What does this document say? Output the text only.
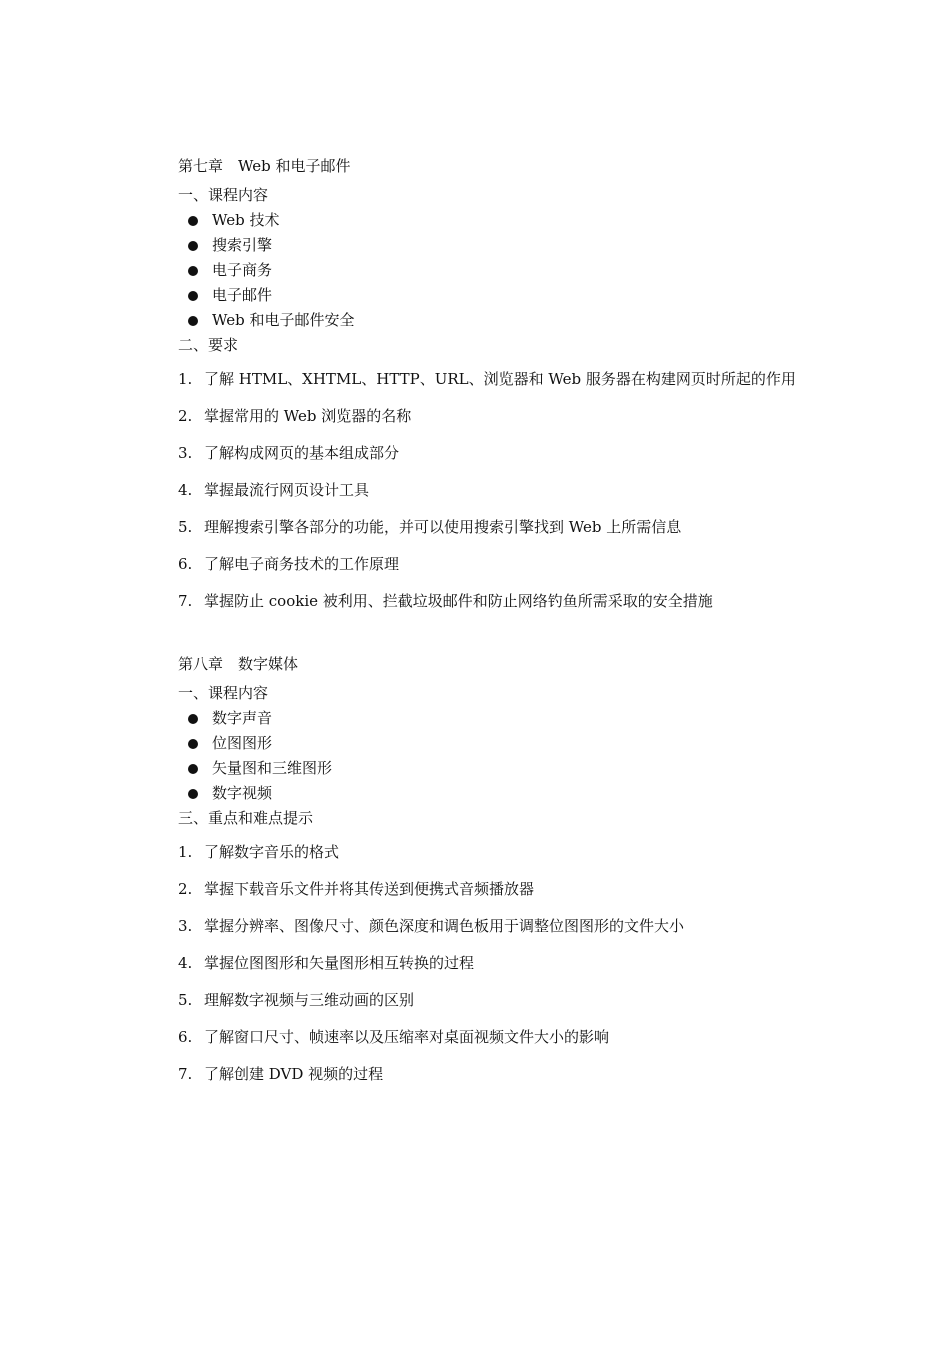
第七章　Web 和电子邮件
一、课程内容
Web 技术
搜索引擎
电子商务
电子邮件
Web 和电子邮件安全
二、要求
1. 了解 HTML、XHTML、HTTP、URL、浏览器和 Web 服务器在构建网页时所起的作用
2. 掌握常用的 Web 浏览器的名称
3. 了解构成网页的基本组成部分
4. 掌握最流行网页设计工具
5. 理解搜索引擎各部分的功能，并可以使用搜索引擎找到 Web 上所需信息
6. 了解电子商务技术的工作原理
7. 掌握防止 cookie 被利用、拦截垃圾邮件和防止网络钓鱼所需采取的安全措施
第八章　数字媒体
一、课程内容
数字声音
位图图形
矢量图和三维图形
数字视频
三、重点和难点提示
1. 了解数字音乐的格式
2. 掌握下载音乐文件并将其传送到便携式音频播放器
3. 掌握分辨率、图像尺寸、颜色深度和调色板用于调整位图图形的文件大小
4. 掌握位图图形和矢量图形相互转换的过程
5. 理解数字视频与三维动画的区别
6. 了解窗口尺寸、帧速率以及压缩率对桌面视频文件大小的影响
7. 了解创建 DVD 视频的过程
